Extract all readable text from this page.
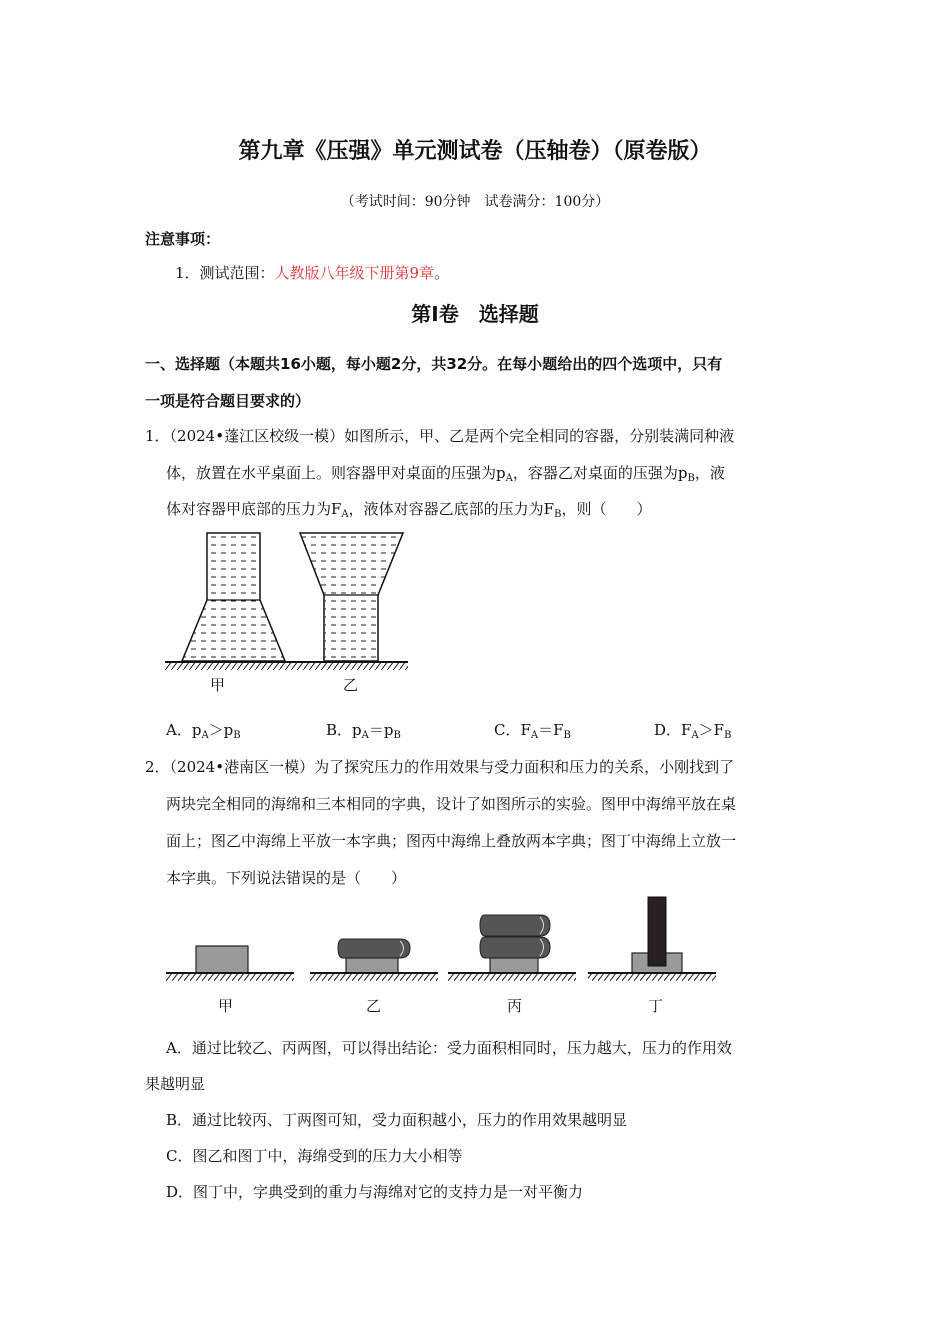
第九章《压强》单元测试卷（压轴卷）（原卷版）
（考试时间：90分钟　试卷满分：100分）
注意事项：
1．测试范围：人教版八年级下册第9章。
第Ⅰ卷 选择题
一、选择题（本题共16小题，每小题2分，共32分。在每小题给出的四个选项中，只有
一项是符合题目要求的）
1．（2024•蓬江区校级一模）如图所示，甲、乙是两个完全相同的容器，分别装满同种液
体，放置在水平桌面上。则容器甲对桌面的压强为$p_A$，容器乙对桌面的压强为$p_B$，液
体对容器甲底部的压力为$F_A$，液体对容器乙底部的压力为$F_B$，则（　　）
甲	乙
A．$p_A>p_B$	B．$p_A=p_B$	C．$F_A=F_B$	D．$F_A>F_B$
2．（2024•港南区一模）为了探究压力的作用效果与受力面积和压力的关系，小刚找到了
两块完全相同的海绵和三本相同的字典，设计了如图所示的实验。图甲中海绵平放在桌
面上；图乙中海绵上平放一本字典；图丙中海绵上叠放两本字典；图丁中海绵上立放一
本字典。下列说法错误的是（　　）
甲	乙	丙	丁
A．通过比较乙、丙两图，可以得出结论：受力面积相同时，压力越大，压力的作用效
果越明显
B．通过比较丙、丁两图可知，受力面积越小，压力的作用效果越明显
C．图乙和图丁中，海绵受到的压力大小相等
D．图丁中，字典受到的重力与海绵对它的支持力是一对平衡力
